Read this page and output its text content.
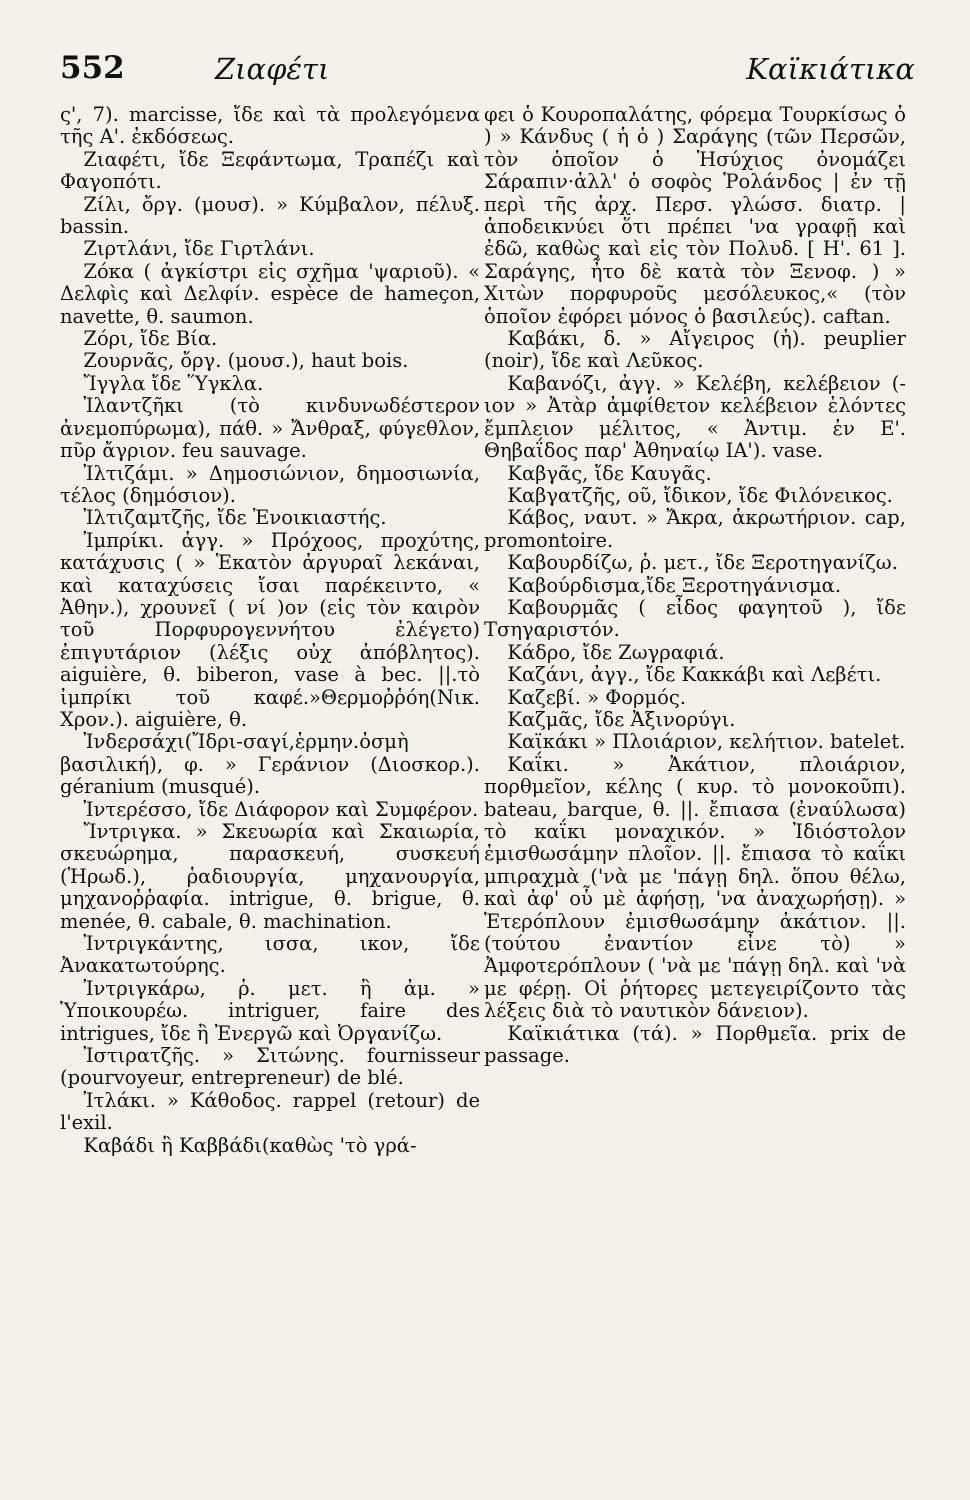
552	Ζιαφέτι	Καϊκιάτικα

ς', 7). marcisse, ἴδε καὶ τὰ προλεγόμενα τῆς Α'. ἐκδόσεως.

Ζιαφέτι, ἴδε Ξεφάντωμα, Τραπέζι καὶ Φαγοπότι.

Ζίλι, ὄργ. (μουσ). » Κύμβαλον, πέλυξ. bassin.

Ζιρτλάνι, ἴδε Γιρτλάνι.

Ζόκα ( ἀγκίστρι εἰς σχῆμα 'ψαριοῦ). « Δελφὶς καὶ Δελφίν. espèce de hameçon, navette, θ. saumon.

Ζόρι, ἴδε Βία.

Ζουρνᾶς, ὄργ. (μουσ.), haut bois.

Ἴγγλα ἴδε Ὕγκλα.

Ἰλαντζῆκι (τὸ κινδυνωδέστερον ἀνεμοπύρωμα), πάθ. » Ἄνθραξ, φύγεθλον, πῦρ ἄγριον. feu sauvage.

Ἰλτιζάμι. » Δημοσιώνιον, δημοσιωνία, τέλος (δημόσιον).

Ἰλτιζαμτζῆς, ἴδε Ἐνοικιαστής.

Ἰμπρίκι. ἀγγ. » Πρόχοος, προχύτης, κατάχυσις ( » Ἑκατὸν ἀργυραῖ λεκάναι, καὶ καταχύσεις ἴσαι παρέκειντο, « Ἀθην.), χρουνεῖ ( νί )ον (εἰς τὸν καιρὸν τοῦ Πορφυρογεννήτου ἐλέγετο) ἐπιγυτάριον (λέξις οὐχ ἀπόβλητος). aiguière, θ. biberon, vase à bec. ||.τὸ ἰμπρίκι τοῦ καφέ.»Θερμοῤῥόη(Νικ. Χρον.). aiguière, θ.

Ἰνδερσάχι(Ἴδρι-σαγί,ἑρμην.ὀσμὴ βασιλική), φ. » Γεράνιον (Διοσκορ.). géranium (musqué).

Ἰντερέσσο, ἴδε Διάφορον καὶ Συμφέρον.

Ἴντριγκα. » Σκευωρία καὶ Σκαιωρία, σκευώρημα, παρασκευή, συσκευή (Ἡρωδ.), ῥαδιουργία, μηχανουργία, μηχανοῤῥαφία. intrigue, θ. brigue, θ. menée, θ. cabale, θ. machination.

Ἰντριγκάντης, ισσα, ικον, ἴδε Ἀνακατωτούρης.

Ἰντριγκάρω, ῥ. μετ. ἢ ἀμ. » Ὑποικουρέω. intriguer, faire des intrigues, ἴδε ἢ Ἐνεργῶ καὶ Ὀργανίζω.

Ἰστιρατζῆς. » Σιτώνης. fournisseur (pourvoyeur, entrepreneur) de blé.

Ἰτλάκι. » Κάθοδος. rappel (retour) de l'exil.

Καβάδι ἢ Καββάδι(καθὼς 'τὸ γρά-

φει ὁ Κουροπαλάτης, φόρεμα Τουρκίσως ὁ ) » Κάνδυς ( ἡ ὁ ) Σαράγης (τῶν Περσῶν, τὸν ὁποῖον ὁ Ἡσύχιος ὀνομάζει Σάραπιν·ἀλλ' ὁ σοφὸς Ῥολάνδος | ἐν τῇ περὶ τῆς ἀρχ. Περσ. γλώσσ. διατρ. | ἀποδεικνύει ὅτι πρέπει 'να γραφῇ καὶ ἐδῶ, καθὼς καὶ εἰς τὸν Πολυδ. [ Η'. 61 ]. Σαράγης, ἦτο δὲ κατὰ τὸν Ξενοφ. ) » Χιτὼν πορφυροῦς μεσόλευκος,« (τὸν ὁποῖον ἐφόρει μόνος ὁ βασιλεύς). caftan.

Καβάκι, δ. » Αἴγειρος (ἡ). peuplier (noir), ἴδε καὶ Λεῦκος.

Καβανόζι, ἀγγ. » Κελέβη, κελέβειον (-ιον » Ἀτὰρ ἀμφίθετον κελέβειον ἑλόντες ἔμπλειον μέλιτος, « Ἀντιμ. ἐν Ε'. Θηβαΐδος παρ' Ἀθηναίῳ ΙΑ'). vase.

Καβγᾶς, ἴδε Καυγᾶς.

Καβγατζῆς, οῦ, ἴδικον, ἴδε Φιλόνεικος.

Κάβος, ναυτ. » Ἄκρα, ἀκρωτήριον. cap, promontoire.

Καβουρδίζω, ῥ. μετ., ἴδε Ξεροτηγανίζω.

Καβούρδισμα,ἴδε Ξεροτηγάνισμα.

Καβουρμᾶς ( εἶδος φαγητοῦ ), ἴδε Τσηγαριστόν.

Κάδρο, ἴδε Ζωγραφιά.

Καζάνι, ἀγγ., ἴδε Κακκάβι καὶ Λεβέτι.

Καζεβί. » Φορμός.

Καζμᾶς, ἴδε Ἀξινορύγι.

Καϊκάκι » Πλοιάριον, κελήτιον. batelet.

Καΐκι. » Ἀκάτιον, πλοιάριον, πορθμεῖον, κέλης ( κυρ. τὸ μονοκοῦπι). bateau, barque, θ. ||. ἔπιασα (ἐναύλωσα) τὸ καΐκι μοναχικόν. » Ἰδιόστολον ἐμισθωσάμην πλοῖον. ||. ἔπιασα τὸ καΐκι μπιραχμὰ ('νὰ με 'πάγῃ δηλ. ὅπου θέλω, καὶ ἀφ' οὗ μὲ ἀφήσῃ, 'να ἀναχωρήσῃ). » Ἑτερόπλουν ἐμισθωσάμην ἀκάτιον. ||. (τούτου ἐναντίον εἶνε τὸ) » Ἀμφοτερόπλουν ( 'νὰ με 'πάγῃ δηλ. καὶ 'νὰ με φέρῃ. Οἱ ῥήτορες μετεγειρίζοντο τὰς λέξεις διὰ τὸ ναυτικὸν δάνειον).

Καϊκιάτικα (τά). » Πορθμεῖα. prix de passage.
